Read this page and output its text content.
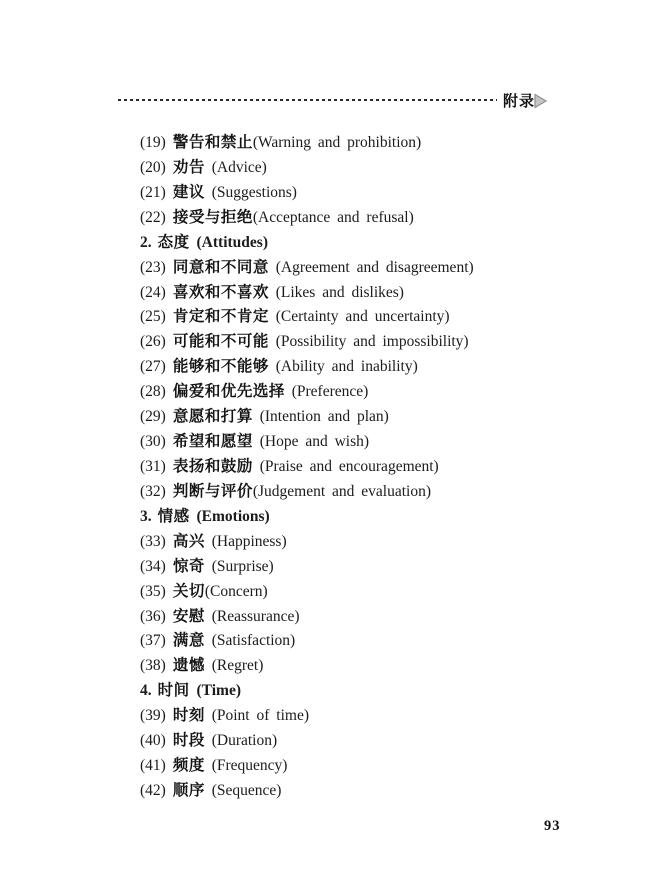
附录
(19) 警告和禁止(Warning and prohibition)
(20) 劝告 (Advice)
(21) 建议 (Suggestions)
(22) 接受与拒绝(Acceptance and refusal)
2. 态度 (Attitudes)
(23) 同意和不同意 (Agreement and disagreement)
(24) 喜欢和不喜欢 (Likes and dislikes)
(25) 肯定和不肯定 (Certainty and uncertainty)
(26) 可能和不可能 (Possibility and impossibility)
(27) 能够和不能够 (Ability and inability)
(28) 偏爱和优先选择 (Preference)
(29) 意愿和打算 (Intention and plan)
(30) 希望和愿望 (Hope and wish)
(31) 表扬和鼓励 (Praise and encouragement)
(32) 判断与评价(Judgement and evaluation)
3. 情感 (Emotions)
(33) 高兴 (Happiness)
(34) 惊奇 (Surprise)
(35) 关切(Concern)
(36) 安慰 (Reassurance)
(37) 满意 (Satisfaction)
(38) 遗憾 (Regret)
4. 时间 (Time)
(39) 时刻 (Point of time)
(40) 时段 (Duration)
(41) 频度 (Frequency)
(42) 顺序 (Sequence)
93
